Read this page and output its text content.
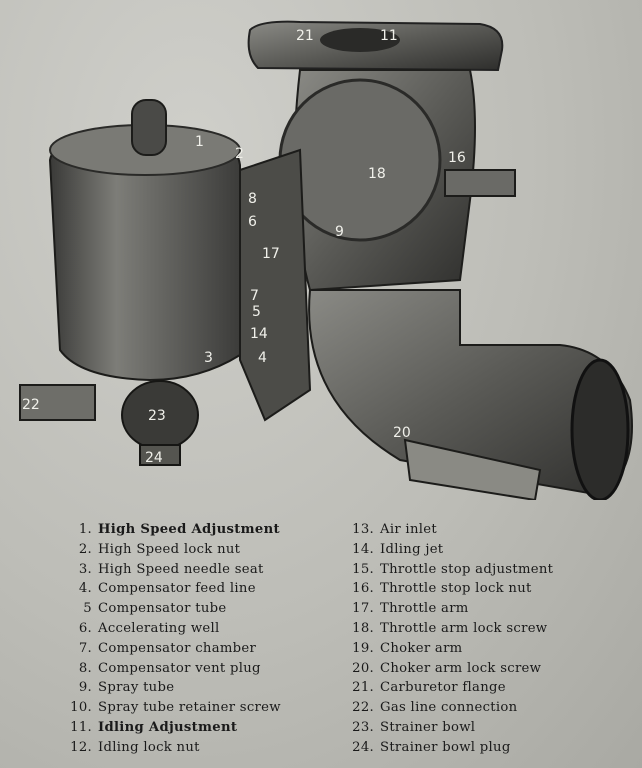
21	11
1
2
8
6
17
7
5
14
3	4
18
9
16
22
23
24
20
1. High Speed Adjustment
2. High Speed lock nut
3. High Speed needle seat
4. Compensator feed line
5 Compensator tube
6. Accelerating well
7. Compensator chamber
8. Compensator vent plug
9. Spray tube
10. Spray tube retainer screw
11. Idling Adjustment
12. Idling lock nut
13. Air inlet
14. Idling jet
15. Throttle stop adjustment
16. Throttle stop lock nut
17. Throttle arm
18. Throttle arm lock screw
19. Choker arm
20. Choker arm lock screw
21. Carburetor flange
22. Gas line connection
23. Strainer bowl
24. Strainer bowl plug
